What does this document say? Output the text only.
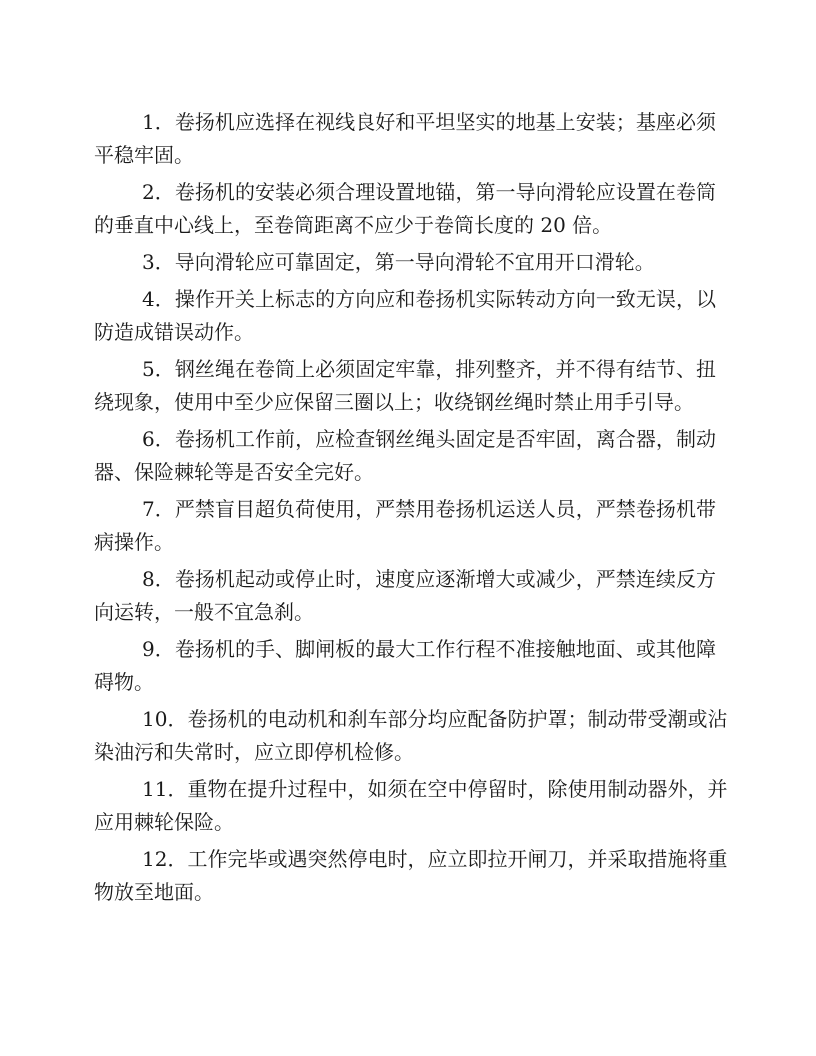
1．卷扬机应选择在视线良好和平坦坚实的地基上安装；基座必须
平稳牢固。
2．卷扬机的安装必须合理设置地锚，第一导向滑轮应设置在卷筒
的垂直中心线上，至卷筒距离不应少于卷筒长度的 20 倍。
3．导向滑轮应可靠固定，第一导向滑轮不宜用开口滑轮。
4．操作开关上标志的方向应和卷扬机实际转动方向一致无误，以
防造成错误动作。
5．钢丝绳在卷筒上必须固定牢靠，排列整齐，并不得有结节、扭
绕现象，使用中至少应保留三圈以上；收绕钢丝绳时禁止用手引导。
6．卷扬机工作前，应检查钢丝绳头固定是否牢固，离合器，制动
器、保险棘轮等是否安全完好。
7．严禁盲目超负荷使用，严禁用卷扬机运送人员，严禁卷扬机带
病操作。
8．卷扬机起动或停止时，速度应逐渐增大或减少，严禁连续反方
向运转，一般不宜急刹。
9．卷扬机的手、脚闸板的最大工作行程不准接触地面、或其他障
碍物。
10．卷扬机的电动机和刹车部分均应配备防护罩；制动带受潮或沾
染油污和失常时，应立即停机检修。
11．重物在提升过程中，如须在空中停留时，除使用制动器外，并
应用棘轮保险。
12．工作完毕或遇突然停电时，应立即拉开闸刀，并采取措施将重
物放至地面。
